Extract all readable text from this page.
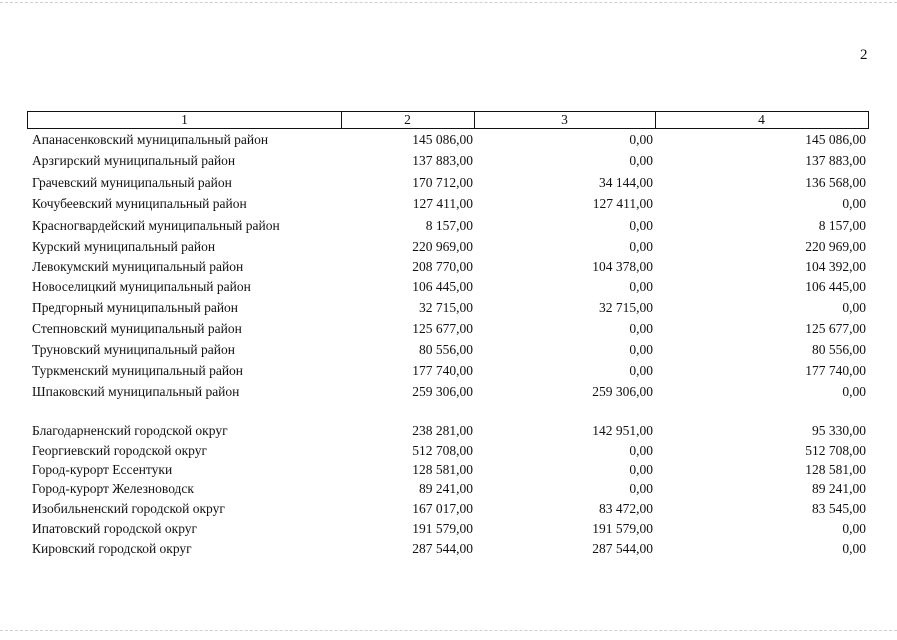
2
1	2	3	4
Апанасенковский муниципальный район	145 086,00	0,00	145 086,00
Арзгирский муниципальный район	137 883,00	0,00	137 883,00
Грачевский муниципальный район	170 712,00	34 144,00	136 568,00
Кочубеевский муниципальный район	127 411,00	127 411,00	0,00
Красногвардейский муниципальный район	8 157,00	0,00	8 157,00
Курский муниципальный район	220 969,00	0,00	220 969,00
Левокумский муниципальный район	208 770,00	104 378,00	104 392,00
Новоселицкий муниципальный район	106 445,00	0,00	106 445,00
Предгорный муниципальный район	32 715,00	32 715,00	0,00
Степновский муниципальный район	125 677,00	0,00	125 677,00
Труновский муниципальный район	80 556,00	0,00	80 556,00
Туркменский муниципальный район	177 740,00	0,00	177 740,00
Шпаковский муниципальный район	259 306,00	259 306,00	0,00
Благодарненский городской округ	238 281,00	142 951,00	95 330,00
Георгиевский городской округ	512 708,00	0,00	512 708,00
Город-курорт Ессентуки	128 581,00	0,00	128 581,00
Город-курорт Железноводск	89 241,00	0,00	89 241,00
Изобильненский городской округ	167 017,00	83 472,00	83 545,00
Ипатовский городской округ	191 579,00	191 579,00	0,00
Кировский городской округ	287 544,00	287 544,00	0,00
